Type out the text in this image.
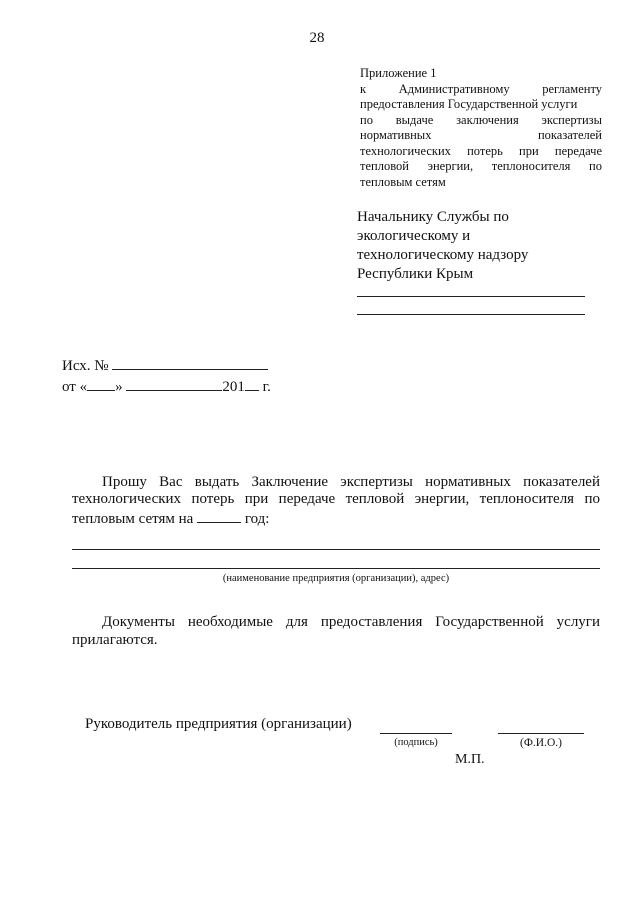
28
Приложение 1
к Административному регламенту
предоставления Государственной услуги
по выдаче заключения экспертизы
нормативных показателей
технологических потерь при передаче
тепловой энергии, теплоносителя по
тепловым сетям
Начальнику Службы по
экологическому и
технологическому надзору
Республики Крым
Исх. №
от « »	201 г.
Прошу Вас выдать Заключение экспертизы нормативных показателей
технологических потерь при передаче тепловой энергии, теплоносителя по
тепловым сетям на	год:
(наименование предприятия (организации), адрес)
Документы необходимые для предоставления Государственной услуги
прилагаются.
Руководитель предприятия (организации)
(подпись)	(Ф.И.О.)
М.П.
